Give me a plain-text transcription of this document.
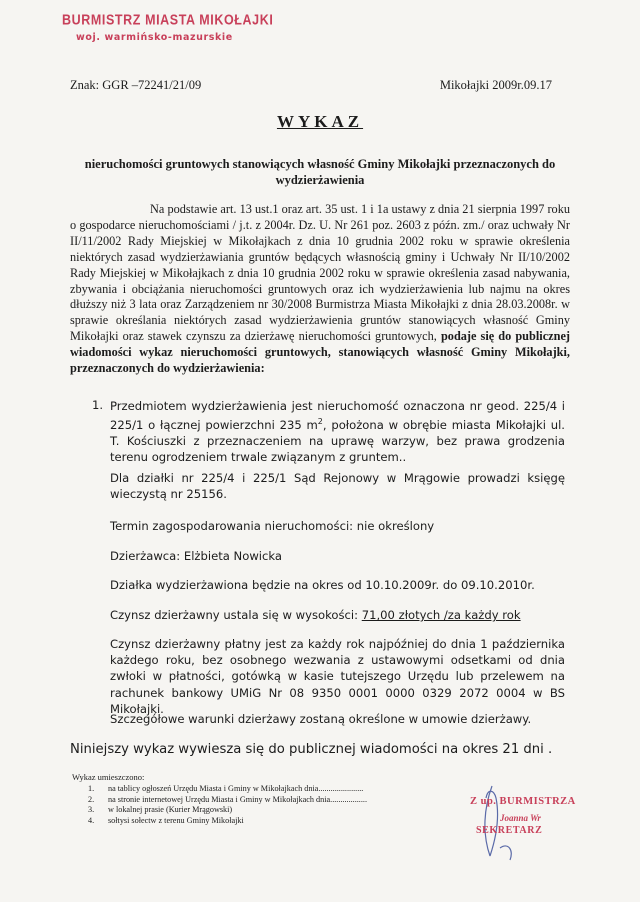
BURMISTRZ MIASTA MIKOŁAJKI
woj. warmińsko-mazurskie
Znak: GGR –72241/21/09	Mikołajki 2009r.09.17
WYKAZ
nieruchomości gruntowych stanowiących własność Gminy Mikołajki przeznaczonych do wydzierżawienia
Na podstawie art. 13 ust.1 oraz art. 35 ust. 1 i 1a ustawy z dnia 21 sierpnia 1997 roku o gospodarce nieruchomościami / j.t. z 2004r. Dz. U. Nr 261 poz. 2603 z późn. zm./ oraz uchwały Nr II/11/2002 Rady Miejskiej w Mikołajkach z dnia 10 grudnia 2002 roku w sprawie określenia niektórych zasad wydzierżawiania gruntów będących własnością gminy i Uchwały Nr II/10/2002 Rady Miejskiej w Mikołajkach z dnia 10 grudnia 2002 roku w sprawie określenia zasad nabywania, zbywania i obciążania nieruchomości gruntowych oraz ich wydzierżawienia lub najmu na okres dłuższy niż 3 lata oraz Zarządzeniem nr 30/2008 Burmistrza Miasta Mikołajki z dnia 28.03.2008r. w sprawie określania niektórych zasad wydzierżawienia gruntów stanowiących własność Gminy Mikołajki oraz stawek czynszu za dzierżawę nieruchomości gruntowych, podaje się do publicznej wiadomości wykaz nieruchomości gruntowych, stanowiących własność Gminy Mikołajki, przeznaczonych do wydzierżawienia:
1. Przedmiotem wydzierżawienia jest nieruchomość oznaczona nr geod. 225/4 i 225/1 o łącznej powierzchni 235 $m^2$, położona w obrębie miasta Mikołajki ul. T. Kościuszki z przeznaczeniem na uprawę warzyw, bez prawa grodzenia terenu ogrodzeniem trwale związanym z gruntem..
Dla działki nr 225/4 i 225/1 Sąd Rejonowy w Mrągowie prowadzi księgę wieczystą nr 25156.
Termin zagospodarowania nieruchomości: nie określony
Dzierżawca: Elżbieta Nowicka
Działka wydzierżawiona będzie na okres od 10.10.2009r. do 09.10.2010r.
Czynsz dzierżawny ustala się w wysokości: 71,00 złotych /za każdy rok
Czynsz dzierżawny płatny jest za każdy rok najpóźniej do dnia 1 października każdego roku, bez osobnego wezwania z ustawowymi odsetkami od dnia zwłoki w płatności, gotówką w kasie tutejszego Urzędu lub przelewem na rachunek bankowy UMiG Nr 08 9350 0001 0000 0329 2072 0004 w BS Mikołajki.
Szczegółowe warunki dzierżawy zostaną określone w umowie dzierżawy.
Niniejszy wykaz wywiesza się do publicznej wiadomości na okres 21 dni .
Wykaz umieszczono:
1. na tablicy ogłoszeń Urzędu Miasta i Gminy w Mikołajkach dnia......................
2. na stronie internetowej Urzędu Miasta i Gminy w Mikołajkach dnia..................
3. w lokalnej prasie (Kurier Mrągowski)
4. sołtysi sołectw z terenu Gminy Mikołajki
Z up. BURMISTRZA
Joanna Wr
SEKRETARZ
